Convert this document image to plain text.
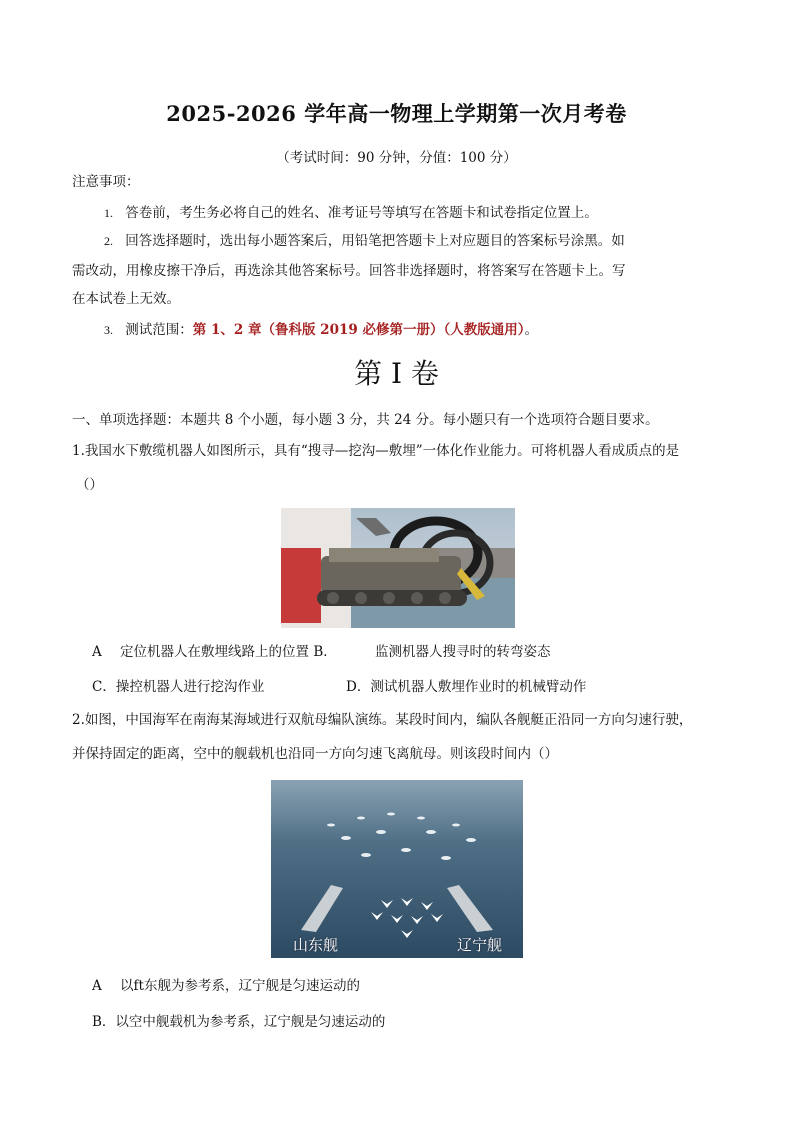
2025-2026 学年高一物理上学期第一次月考卷
（考试时间：90 分钟，分值：100 分）
注意事项：
1. 答卷前，考生务必将自己的姓名、准考证号等填写在答题卡和试卷指定位置上。
2. 回答选择题时，选出每小题答案后，用铅笔把答题卡上对应题目的答案标号涂黑。如
需改动，用橡皮擦干净后，再选涂其他答案标号。回答非选择题时，将答案写在答题卡上。写
在本试卷上无效。
3. 测试范围：第 1、2 章（鲁科版 2019 必修第一册）（人教版通用）。
第 I 卷
一、单项选择题：本题共 8 个小题，每小题 3 分，共 24 分。每小题只有一个选项符合题目要求。
1.我国水下敷缆机器人如图所示，具有“搜寻—挖沟—敷埋”一体化作业能力。可将机器人看成质点的是
（）
A 定位机器人在敷埋线路上的位置 B．	监测机器人搜寻时的转弯姿态
C．操控机器人进行挖沟作业	D．测试机器人敷埋作业时的机械臂动作
2.如图，中国海军在南海某海域进行双航母编队演练。某段时间内，编队各舰艇正沿同一方向匀速行驶，
并保持固定的距离，空中的舰载机也沿同一方向匀速飞离航母。则该段时间内（）
山东舰	辽宁舰
A 以ft东舰为参考系，辽宁舰是匀速运动的
B．以空中舰载机为参考系，辽宁舰是匀速运动的
